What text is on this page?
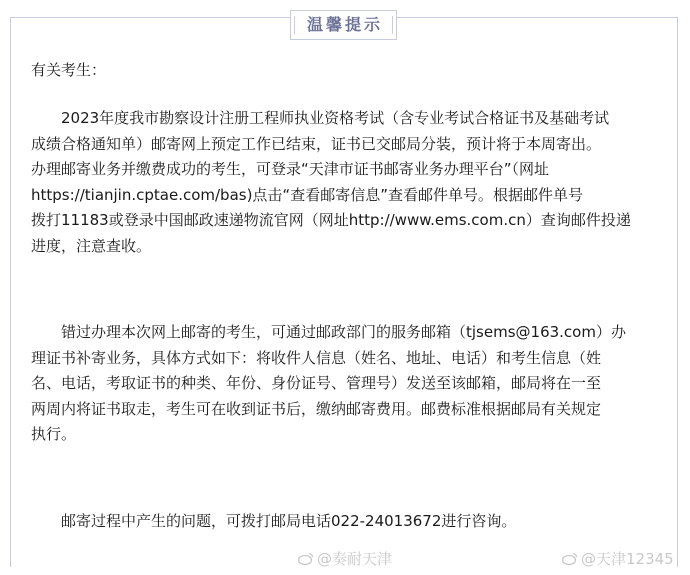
温馨提示
有关考生：
2023年度我市勘察设计注册工程师执业资格考试（含专业考试合格证书及基础考试
成绩合格通知单）邮寄网上预定工作已结束，证书已交邮局分装，预计将于本周寄出。
办理邮寄业务并缴费成功的考生，可登录“天津市证书邮寄业务办理平台”（网址
https://tianjin.cptae.com/bas)点击“查看邮寄信息”查看邮件单号。根据邮件单号
拨打11183或登录中国邮政速递物流官网（网址http://www.ems.com.cn）查询邮件投递
进度，注意查收。
错过办理本次网上邮寄的考生，可通过邮政部门的服务邮箱（tjsems@163.com）办
理证书补寄业务，具体方式如下：将收件人信息（姓名、地址、电话）和考生信息（姓
名、电话，考取证书的种类、年份、身份证号、管理号）发送至该邮箱，邮局将在一至
两周内将证书取走，考生可在收到证书后，缴纳邮寄费用。邮费标准根据邮局有关规定
执行。
邮寄过程中产生的问题，可拨打邮局电话022-24013672进行咨询。
@奏耐天津	@天津12345
